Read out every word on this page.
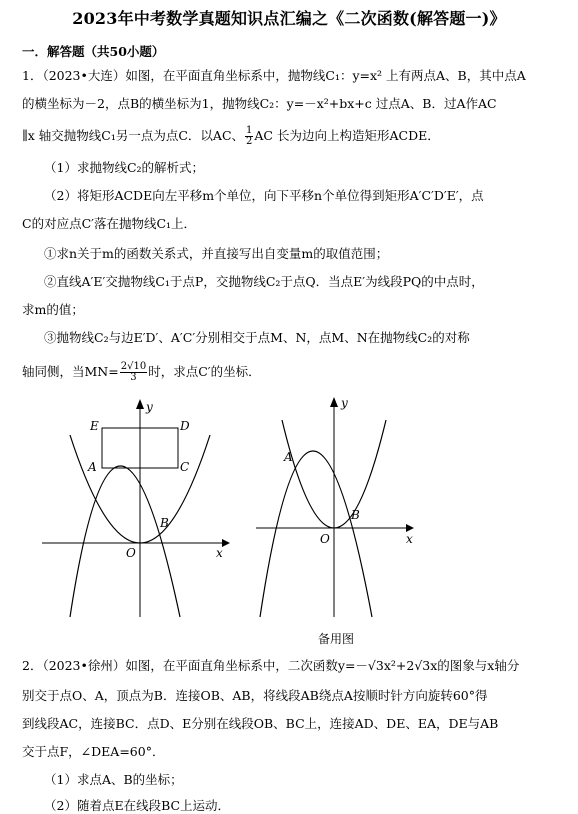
2023年中考数学真题知识点汇编之《二次函数(解答题一)》
一．解答题（共50小题）
1．（2023•大连）如图，在平面直角坐标系中，抛物线C₁：y=x² 上有两点A、B，其中点A
的横坐标为－2，点B的横坐标为1，抛物线C₂：y=－x²+bx+c 过点A、B．过A作AC
∥x 轴交抛物线C₁另一点为点C．以AC、 $\frac{1}{2}$ AC 长为边向上构造矩形ACDE．
（1）求抛物线C₂的解析式；
（2）将矩形ACDE向左平移m个单位，向下平移n个单位得到矩形A′C′D′E′，点
C的对应点C′落在抛物线C₁上．
①求n关于m的函数关系式，并直接写出自变量m的取值范围；
②直线A′E′交抛物线C₁于点P，交抛物线C₂于点Q．当点E′为线段PQ的中点时，
求m的值；
③抛物线C₂与边E′D′、A′C′分别相交于点M、N，点M、N在抛物线C₂的对称
轴同侧，当$MN= \frac{2√10}{3}$ 时，求点C′的坐标．
E	D
A	C
B
O	x
y
A
B
O	x
y
备用图
2．（2023•徐州）如图，在平面直角坐标系中，二次函数y=－√3x²+2√3x的图象与x轴分
别交于点O、A，顶点为B．连接OB、AB，将线段AB绕点A按顺时针方向旋转60°得
到线段AC，连接BC．点D、E分别在线段OB、BC上，连接AD、DE、EA，DE与AB
交于点F，∠DEA=60°．
（1）求点A、B的坐标；
（2）随着点E在线段BC上运动．
